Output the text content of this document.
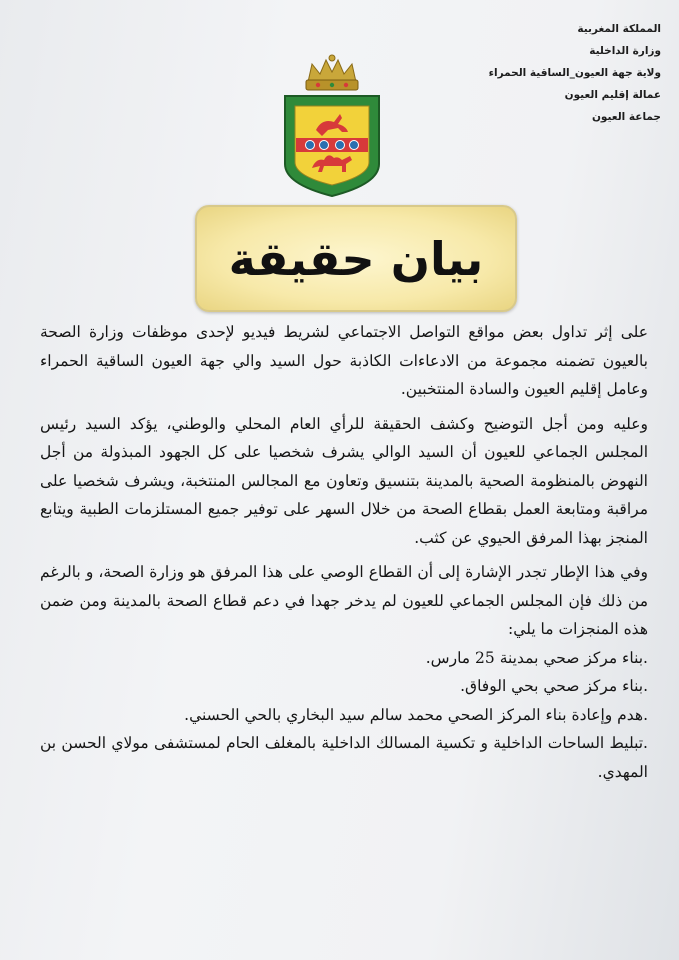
المملكة المغربية
وزارة الداخلية
ولاية جهة العيون_الساقية الحمراء
عمالة إقليم العيون
جماعة العيون
بيان حقيقة

على إثر تداول بعض مواقع التواصل الاجتماعي لشريط فيديو لإحدى موظفات وزارة الصحة بالعيون تضمنه مجموعة من الادعاءات الكاذبة حول السيد والي جهة العيون الساقية الحمراء وعامل إقليم العيون والسادة المنتخبين.

وعليه ومن أجل التوضيح وكشف الحقيقة للرأي العام المحلي والوطني، يؤكد السيد رئيس المجلس الجماعي للعيون أن السيد الوالي يشرف شخصيا على كل الجهود المبذولة من أجل النهوض بالمنظومة الصحية بالمدينة بتنسيق وتعاون مع المجالس المنتخبة، ويشرف شخصيا على مراقبة ومتابعة العمل بقطاع الصحة من خلال السهر على توفير جميع المستلزمات الطبية ويتابع المنجز بهذا المرفق الحيوي عن كثب.

وفي هذا الإطار تجدر الإشارة إلى أن القطاع الوصي على هذا المرفق هو وزارة الصحة، و بالرغم من ذلك فإن المجلس الجماعي للعيون لم يدخر جهدا في دعم قطاع الصحة بالمدينة ومن ضمن هذه المنجزات ما يلي:

.بناء مركز صحي بمدينة 25 مارس.

.بناء مركز صحي بحي الوفاق.

.هدم وإعادة بناء المركز الصحي محمد سالم سيد البخاري بالحي الحسني.

.تبليط الساحات الداخلية و تكسية المسالك الداخلية بالمغلف الحام لمستشفى مولاي الحسن بن المهدي.
